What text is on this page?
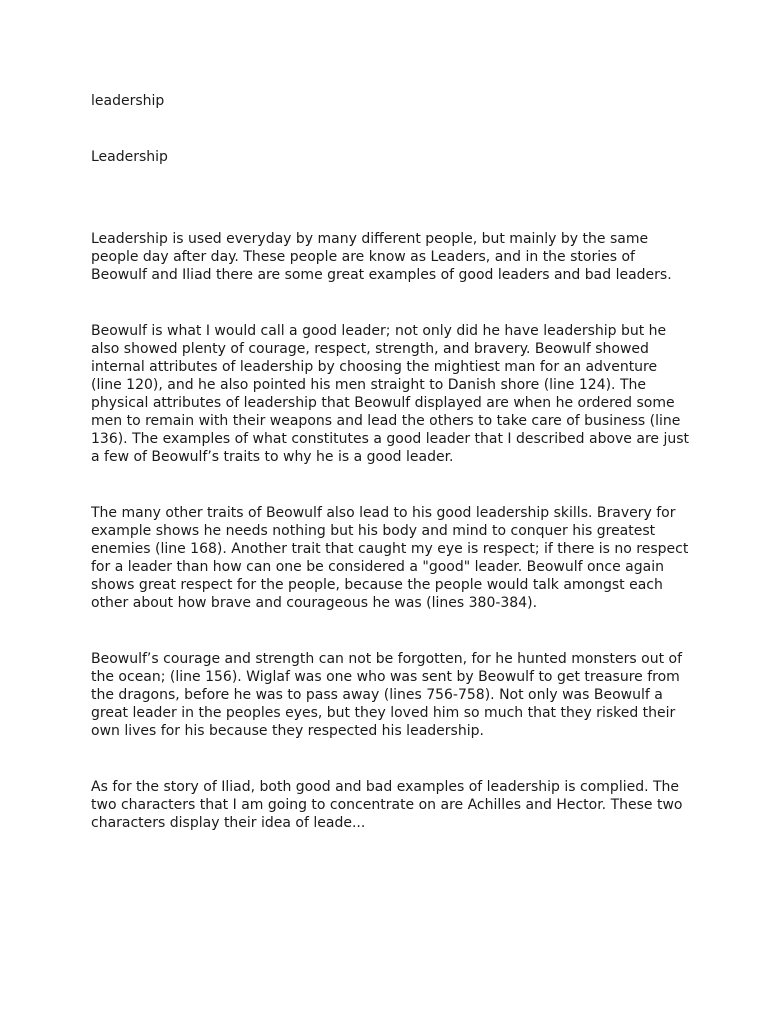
leadership

Leadership

Leadership is used everyday by many different people, but mainly by the same people day after day. These people are know as Leaders, and in the stories of Beowulf and Iliad there are some great examples of good leaders and bad leaders.

Beowulf is what I would call a good leader; not only did he have leadership but he also showed plenty of courage, respect, strength, and bravery. Beowulf showed internal attributes of leadership by choosing the mightiest man for an adventure (line 120), and he also pointed his men straight to Danish shore (line 124). The physical attributes of leadership that Beowulf displayed are when he ordered some men to remain with their weapons and lead the others to take care of business (line 136). The examples of what constitutes a good leader that I described above are just a few of Beowulf’s traits to why he is a good leader.

The many other traits of Beowulf also lead to his good leadership skills. Bravery for example shows he needs nothing but his body and mind to conquer his greatest enemies (line 168). Another trait that caught my eye is respect; if there is no respect for a leader than how can one be considered a "good" leader. Beowulf once again shows great respect for the people, because the people would talk amongst each other about how brave and courageous he was (lines 380-384).

Beowulf’s courage and strength can not be forgotten, for he hunted monsters out of the ocean; (line 156). Wiglaf was one who was sent by Beowulf to get treasure from the dragons, before he was to pass away (lines 756-758). Not only was Beowulf a great leader in the peoples eyes, but they loved him so much that they risked their own lives for his because they respected his leadership.

As for the story of Iliad, both good and bad examples of leadership is complied. The two characters that I am going to concentrate on are Achilles and Hector. These two characters display their idea of leade...
